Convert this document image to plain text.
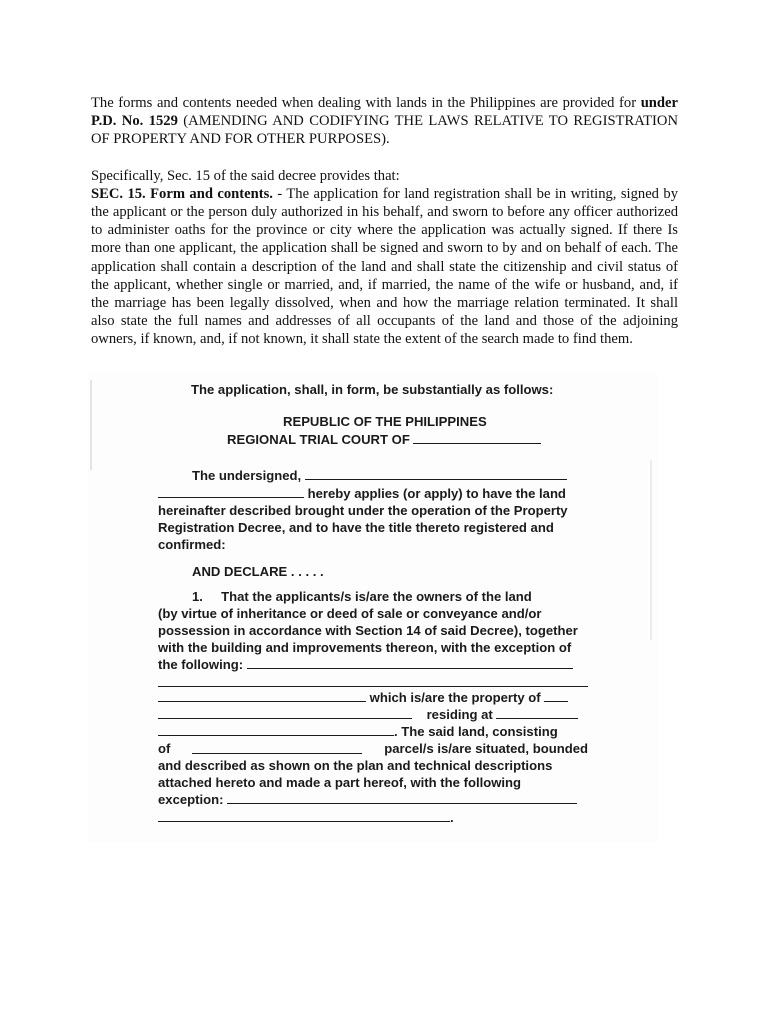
The forms and contents needed when dealing with lands in the Philippines are provided for under P.D. No. 1529 (AMENDING AND CODIFYING THE LAWS RELATIVE TO REGISTRATION OF PROPERTY AND FOR OTHER PURPOSES).

Specifically, Sec. 15 of the said decree provides that:

SEC. 15. Form and contents. - The application for land registration shall be in writing, signed by the applicant or the person duly authorized in his behalf, and sworn to before any officer authorized to administer oaths for the province or city where the application was actually signed. If there Is more than one applicant, the application shall be signed and sworn to by and on behalf of each. The application shall contain a description of the land and shall state the citizenship and civil status of the applicant, whether single or married, and, if married, the name of the wife or husband, and, if the marriage has been legally dissolved, when and how the marriage relation terminated. It shall also state the full names and addresses of all occupants of the land and those of the adjoining owners, if known, and, if not known, it shall state the extent of the search made to find them.

The application, shall, in form, be substantially as follows:
REPUBLIC OF THE PHILIPPINES
REGIONAL TRIAL COURT OF
The undersigned,
hereby applies (or apply) to have the land
hereinafter described brought under the operation of the Property
Registration Decree, and to have the title thereto registered and
confirmed:
AND DECLARE . . . . .
1. That the applicants/s is/are the owners of the land
(by virtue of inheritance or deed of sale or conveyance and/or
possession in accordance with Section 14 of said Decree), together
with the building and improvements thereon, with the exception of
the following:
which is/are the property of
residing at
. The said land, consisting
of	parcel/s is/are situated, bounded
and described as shown on the plan and technical descriptions
attached hereto and made a part hereof, with the following
exception:
.
